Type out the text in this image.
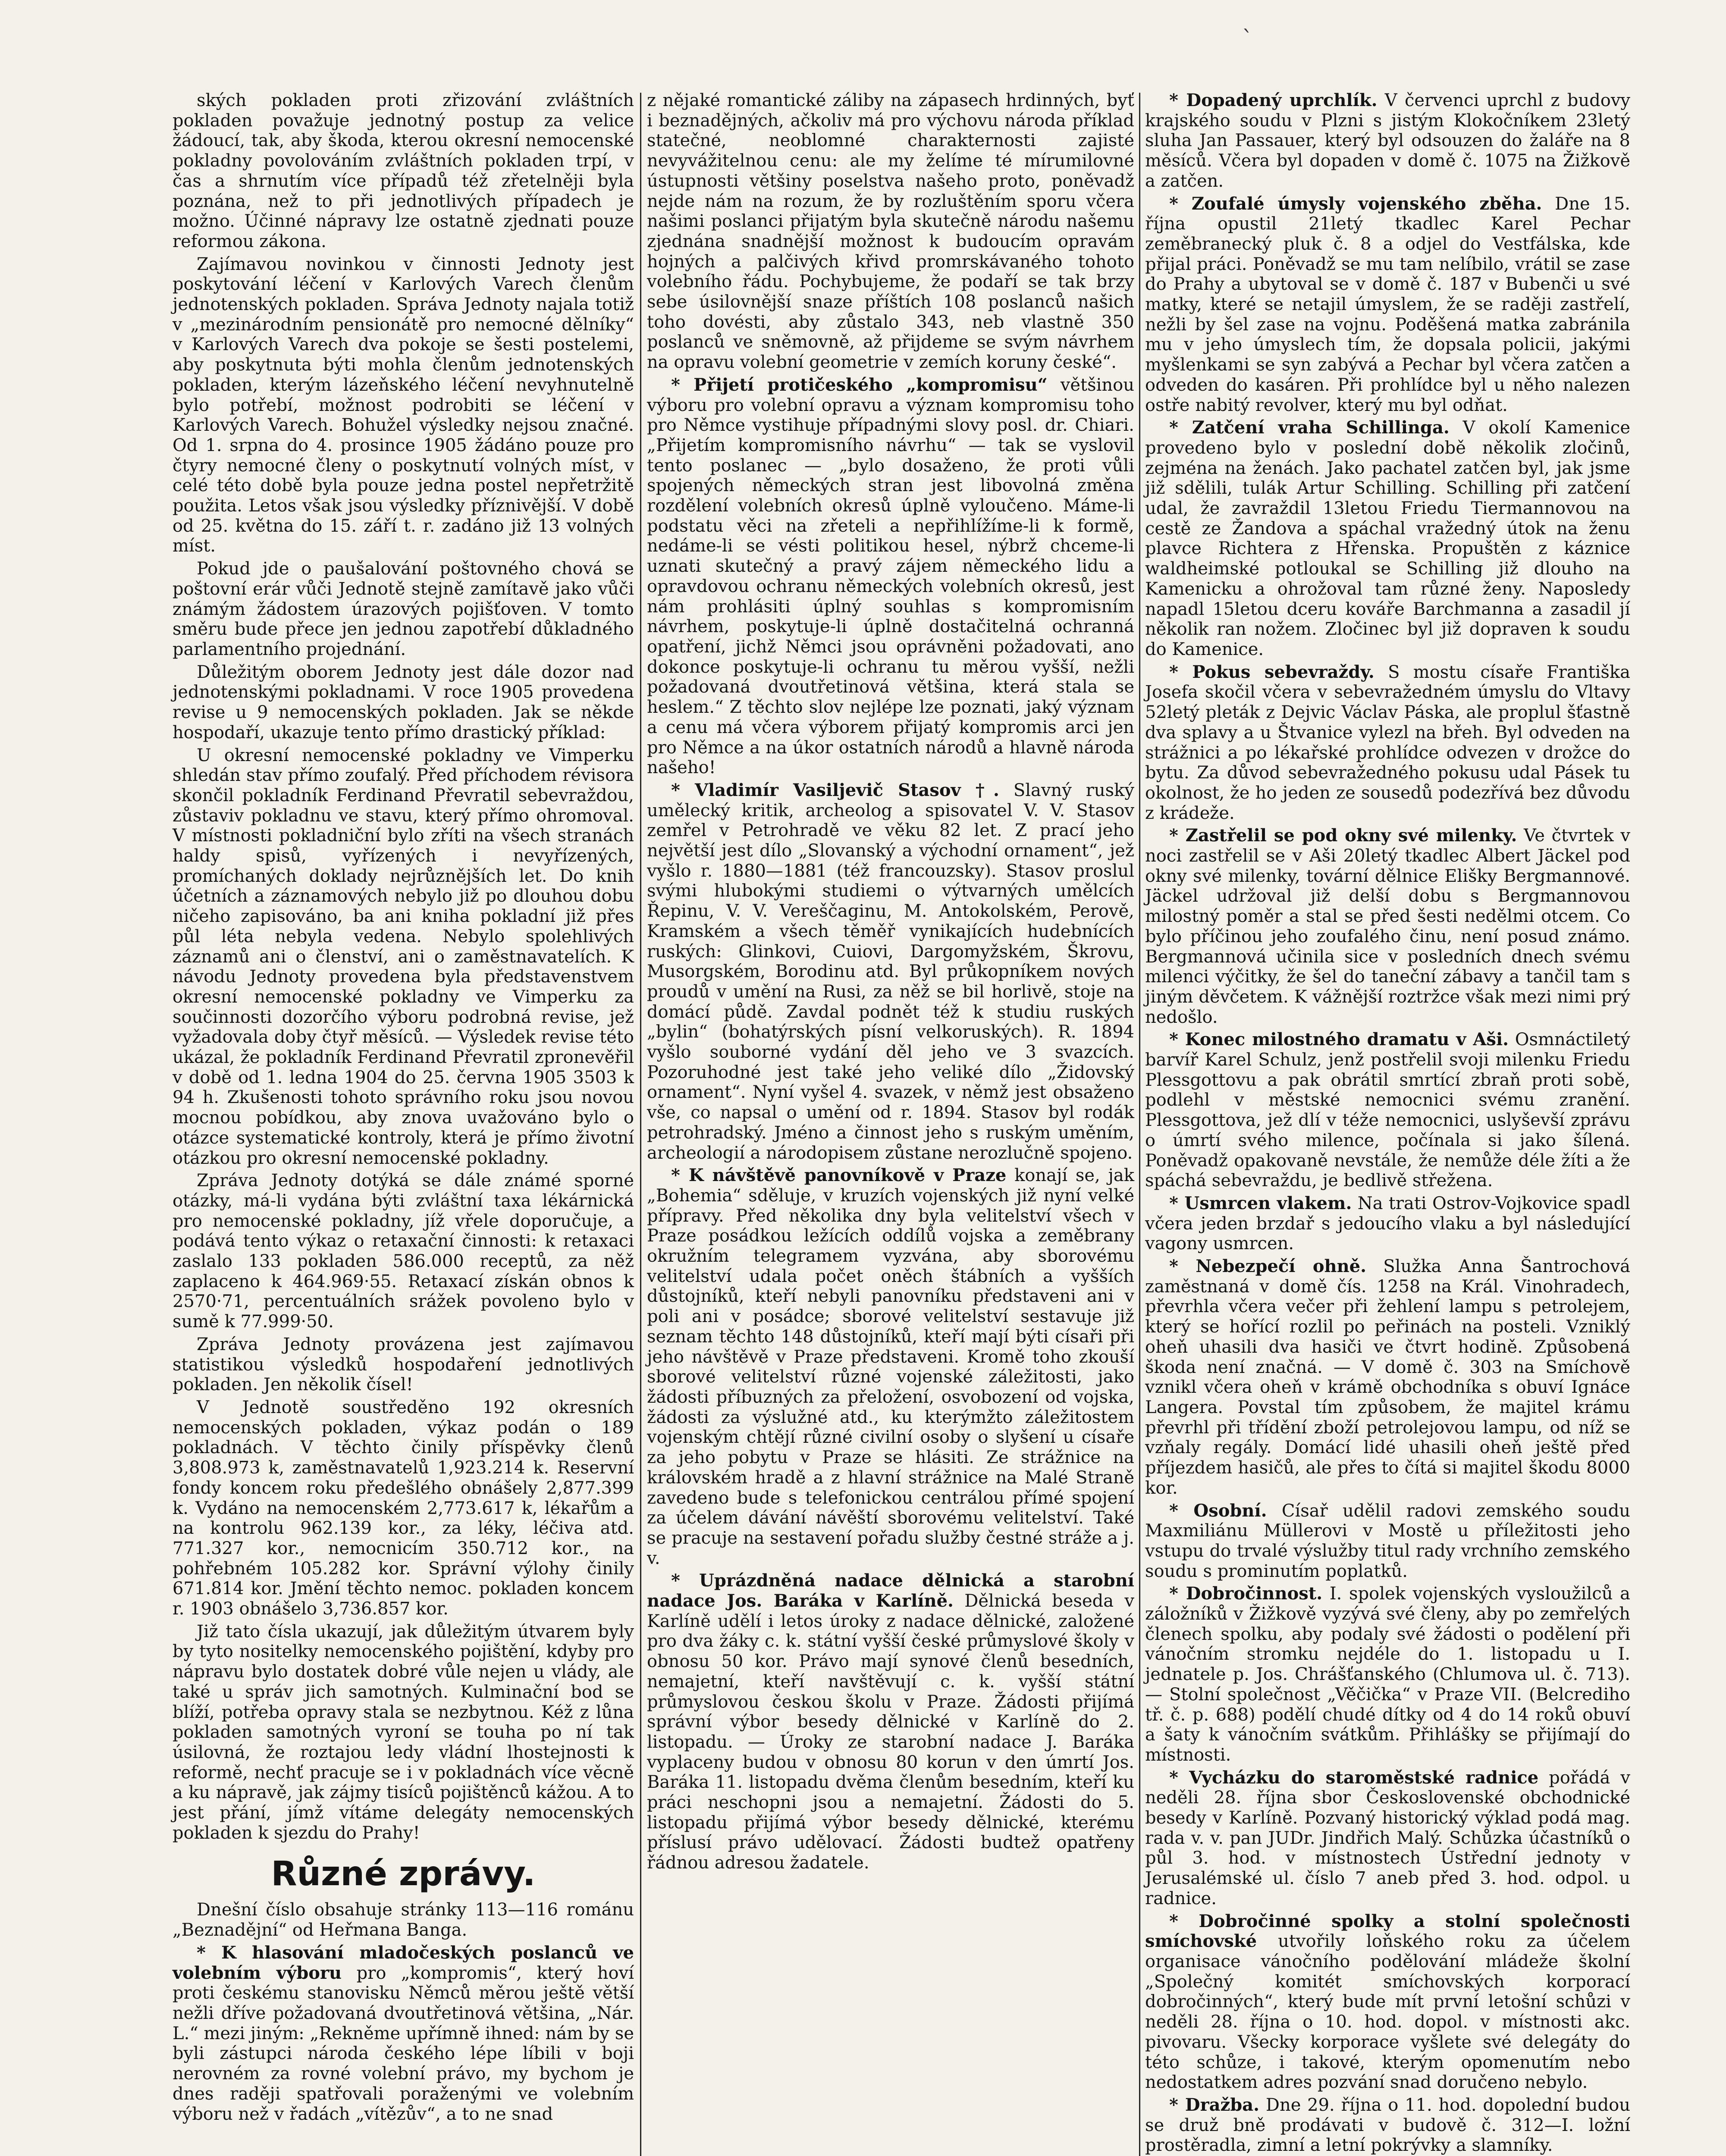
ˋ

ských pokladen proti zřizování zvláštních pokladen považuje jednotný postup za velice žádoucí, tak, aby škoda, kterou okresní nemocenské pokladny povolováním zvláštních pokladen trpí, v čas a shrnutím více případů též zřetelněji byla poznána, než to při jednotlivých případech je možno. Účinné nápravy lze ostatně zjednati pouze reformou zákona.

Zajímavou novinkou v činnosti Jednoty jest poskytování léčení v Karlových Varech členům jednotenských pokladen. Správa Jednoty najala totiž v „mezinárodním pensionátě pro nemocné dělníky“ v Karlových Varech dva pokoje se šesti postelemi, aby poskytnuta býti mohla členům jednotenských pokladen, kterým lázeňského léčení nevyhnutelně bylo potřebí, možnost podrobiti se léčení v Karlových Varech. Bohužel výsledky nejsou značné. Od 1. srpna do 4. prosince 1905 žádáno pouze pro čtyry nemocné členy o poskytnutí volných míst, v celé této době byla pouze jedna postel nepřetržitě použita. Letos však jsou výsledky příznivější. V době od 25. května do 15. září t. r. zadáno již 13 volných míst.

Pokud jde o paušalování poštovného chová se poštovní erár vůči Jednotě stejně zamítavě jako vůči známým žádostem úrazových pojišťoven. V tomto směru bude přece jen jednou zapotřebí důkladného parlamentního projednání.

Důležitým oborem Jednoty jest dále dozor nad jednotenskými pokladnami. V roce 1905 provedena revise u 9 nemocenských pokladen. Jak se někde hospodaří, ukazuje tento přímo drastický příklad:

U okresní nemocenské pokladny ve Vimperku shledán stav přímo zoufalý. Před příchodem révisora skončil pokladník Ferdinand Převratil sebevraždou, zůstaviv pokladnu ve stavu, který přímo ohromoval. V místnosti pokladniční bylo zříti na všech stranách haldy spisů, vyřízených i nevyřízených, promíchaných doklady nejrůznějších let. Do knih účetních a záznamových nebylo již po dlouhou dobu ničeho zapisováno, ba ani kniha pokladní již přes půl léta nebyla vedena. Nebylo spolehlivých záznamů ani o členství, ani o zaměstnavatelích. K návodu Jednoty provedena byla představenstvem okresní nemocenské pokladny ve Vimperku za součinnosti dozorčího výboru podrobná revise, jež vyžadovala doby čtyř měsíců. — Výsledek revise této ukázal, že pokladník Ferdinand Převratil zpronevěřil v době od 1. ledna 1904 do 25. června 1905 3503 k 94 h. Zkušenosti tohoto správního roku jsou novou mocnou pobídkou, aby znova uvažováno bylo o otázce systematické kontroly, která je přímo životní otázkou pro okresní nemocenské pokladny.

Zpráva Jednoty dotýká se dále známé sporné otázky, má-li vydána býti zvláštní taxa lékárnická pro nemocenské pokladny, jíž vřele doporučuje, a podává tento výkaz o retaxační činnosti: k retaxaci zaslalo 133 pokladen 586.000 receptů, za něž zaplaceno k 464.969·55. Retaxací získán obnos k 2570·71, percentuálních srážek povoleno bylo v sumě k 77.999·50.

Zpráva Jednoty provázena jest zajímavou statistikou výsledků hospodaření jednotlivých pokladen. Jen několik čísel!

V Jednotě soustředěno 192 okresních nemocenských pokladen, výkaz podán o 189 pokladnách. V těchto činily příspěvky členů 3,808.973 k, zaměstnavatelů 1,923.214 k. Reservní fondy koncem roku předešlého obnášely 2,877.399 k. Vydáno na nemocenském 2,773.617 k, lékařům a na kontrolu 962.139 kor., za léky, léčiva atd. 771.327 kor., nemocnicím 350.712 kor., na pohřebném 105.282 kor. Správní výlohy činily 671.814 kor. Jmění těchto nemoc. pokladen koncem r. 1903 obnášelo 3,736.857 kor.

Již tato čísla ukazují, jak důležitým útvarem byly by tyto nositelky nemocenského pojištění, kdyby pro nápravu bylo dostatek dobré vůle nejen u vlády, ale také u správ jich samotných. Kulminační bod se blíží, potřeba opravy stala se nezbytnou. Kéž z lůna pokladen samotných vyroní se touha po ní tak úsilovná, že roztajou ledy vládní lhostejnosti k reformě, nechť pracuje se i v pokladnách více věcně a ku nápravě, jak zájmy tisíců pojištěnců kážou. A to jest přání, jímž vítáme delegáty nemocenských pokladen k sjezdu do Prahy!

Různé zprávy.

Dnešní číslo obsahuje stránky 113—116 románu „Beznadějní“ od Heřmana Banga.

* K hlasování mladočeských poslanců ve volebním výboru pro „kompromis“, který hoví proti českému stanovisku Němců měrou ještě větší nežli dříve požadovaná dvoutřetinová většina, „Nár. L.“ mezi jiným: „Rekněme upřímně ihned: nám by se byli zástupci národa českého lépe líbili v boji nerovném za rovné volební právo, my bychom je dnes raději spatřovali poraženými ve volebním výboru než v řadách „vítězův“, a to ne snad

z nějaké romantické záliby na zápasech hrdinných, byť i beznadějných, ačkoliv má pro výchovu národa příklad statečné, neoblomné charakternosti zajisté nevyvážitelnou cenu: ale my želíme té mírumilovné ústupnosti většiny poselstva našeho proto, poněvadž nejde nám na rozum, že by rozluštěním sporu včera našimi poslanci přijatým byla skutečně národu našemu zjednána snadnější možnost k budoucím opravám hojných a palčivých křivd promrskávaného tohoto volebního řádu. Pochybujeme, že podaří se tak brzy sebe úsilovnější snaze příštích 108 poslanců našich toho dovésti, aby zůstalo 343, neb vlastně 350 poslanců ve sněmovně, až přijdeme se svým návrhem na opravu volební geometrie v zemích koruny české“.

* Přijetí protičeského „kompromisu“ většinou výboru pro volební opravu a význam kompromisu toho pro Němce vystihuje případnými slovy posl. dr. Chiari. „Přijetím kompromisního návrhu“ — tak se vyslovil tento poslanec — „bylo dosaženo, že proti vůli spojených německých stran jest libovolná změna rozdělení volebních okresů úplně vyloučeno. Máme-li podstatu věci na zřeteli a nepřihlížíme-li k formě, nedáme-li se vésti politikou hesel, nýbrž chceme-li uznati skutečný a pravý zájem německého lidu a opravdovou ochranu německých volebních okresů, jest nám prohlásiti úplný souhlas s kompromisním návrhem, poskytuje-li úplně dostačitelná ochranná opatření, jichž Němci jsou oprávněni požadovati, ano dokonce poskytuje-li ochranu tu měrou vyšší, nežli požadovaná dvoutřetinová většina, která stala se heslem.“ Z těchto slov nejlépe lze poznati, jaký význam a cenu má včera výborem přijatý kompromis arci jen pro Němce a na úkor ostatních národů a hlavně národa našeho!

* Vladimír Vasiljevič Stasov †. Slavný ruský umělecký kritik, archeolog a spisovatel V. V. Stasov zemřel v Petrohradě ve věku 82 let. Z prací jeho největší jest dílo „Slovanský a východní ornament“, jež vyšlo r. 1880—1881 (též francouzsky). Stasov proslul svými hlubokými studiemi o výtvarných umělcích Řepinu, V. V. Vereščaginu, M. Antokolském, Perově, Kramském a všech těměř vynikajících hudebnících ruských: Glinkovi, Cuiovi, Dargomyžském, Škrovu, Musorgském, Borodinu atd. Byl průkopníkem nových proudů v umění na Rusi, za něž se bil horlivě, stoje na domácí půdě. Zavdal podnět též k studiu ruských „bylin“ (bohatýrských písní velkoruských). R. 1894 vyšlo souborné vydání děl jeho ve 3 svazcích. Pozoruhodné jest také jeho veliké dílo „Židovský ornament“. Nyní vyšel 4. svazek, v němž jest obsaženo vše, co napsal o umění od r. 1894. Stasov byl rodák petrohradský. Jméno a činnost jeho s ruským uměním, archeologií a národopisem zůstane nerozlučně spojeno.

* K návštěvě panovníkově v Praze konají se, jak „Bohemia“ sděluje, v kruzích vojenských již nyní velké přípravy. Před několika dny byla velitelství všech v Praze posádkou ležících oddílů vojska a zeměbrany okružním telegramem vyzvána, aby sborovému velitelství udala počet oněch štábních a vyšších důstojníků, kteří nebyli panovníku představeni ani v poli ani v posádce; sborové velitelství sestavuje již seznam těchto 148 důstojníků, kteří mají býti císaři při jeho návštěvě v Praze představeni. Kromě toho zkouší sborové velitelství různé vojenské záležitosti, jako žádosti příbuzných za přeložení, osvobození od vojska, žádosti za výslužné atd., ku kterýmžto záležitostem vojenským chtějí různé civilní osoby o slyšení u císaře za jeho pobytu v Praze se hlásiti. Ze strážnice na královském hradě a z hlavní strážnice na Malé Straně zavedeno bude s telefonickou centrálou přímé spojení za účelem dávání návěští sborovému velitelství. Také se pracuje na sestavení pořadu služby čestné stráže a j. v.

* Uprázdněná nadace dělnická a starobní nadace Jos. Baráka v Karlíně. Dělnická beseda v Karlíně udělí i letos úroky z nadace dělnické, založené pro dva žáky c. k. státní vyšší české průmyslové školy v obnosu 50 kor. Právo mají synové členů besedních, nemajetní, kteří navštěvují c. k. vyšší státní průmyslovou českou školu v Praze. Žádosti přijímá správní výbor besedy dělnické v Karlíně do 2. listopadu. — Úroky ze starobní nadace J. Baráka vyplaceny budou v obnosu 80 korun v den úmrtí Jos. Baráka 11. listopadu dvěma členům besedním, kteří ku práci neschopni jsou a nemajetní. Žádosti do 5. listopadu přijímá výbor besedy dělnické, kterému příslusí právo udělovací. Žádosti budtež opatřeny řádnou adresou žadatele.

* Dopadený uprchlík. V červenci uprchl z budovy krajského soudu v Plzni s jistým Klokočníkem 23letý sluha Jan Passauer, který byl odsouzen do žaláře na 8 měsíců. Včera byl dopaden v domě č. 1075 na Žižkově a zatčen.

* Zoufalé úmysly vojenského zběha. Dne 15. října opustil 21letý tkadlec Karel Pechar zeměbranecký pluk č. 8 a odjel do Vestfálska, kde přijal práci. Poněvadž se mu tam nelíbilo, vrátil se zase do Prahy a ubytoval se v domě č. 187 v Bubenči u své matky, které se netajil úmyslem, že se raději zastřelí, nežli by šel zase na vojnu. Poděšená matka zabránila mu v jeho úmyslech tím, že dopsala policii, jakými myšlenkami se syn zabývá a Pechar byl včera zatčen a odveden do kasáren. Při prohlídce byl u něho nalezen ostře nabitý revolver, který mu byl odňat.

* Zatčení vraha Schillinga. V okolí Kamenice provedeno bylo v poslední době několik zločinů, zejména na ženách. Jako pachatel zatčen byl, jak jsme již sdělili, tulák Artur Schilling. Schilling při zatčení udal, že zavraždil 13letou Friedu Tiermannovou na cestě ze Žandova a spáchal vražedný útok na ženu plavce Richtera z Hřenska. Propuštěn z káznice waldheimské potloukal se Schilling již dlouho na Kamenicku a ohrožoval tam různé ženy. Naposledy napadl 15letou dceru kováře Barchmanna a zasadil jí několik ran nožem. Zločinec byl již dopraven k soudu do Kamenice.

* Pokus sebevraždy. S mostu císaře Františka Josefa skočil včera v sebevražedném úmyslu do Vltavy 52letý pleták z Dejvic Václav Páska, ale proplul šťastně dva splavy a u Štvanice vylezl na břeh. Byl odveden na strážnici a po lékařské prohlídce odvezen v drožce do bytu. Za důvod sebevražedného pokusu udal Pásek tu okolnost, že ho jeden ze sousedů podezřívá bez důvodu z krádeže.

* Zastřelil se pod okny své milenky. Ve čtvrtek v noci zastřelil se v Aši 20letý tkadlec Albert Jäckel pod okny své milenky, tovární dělnice Elišky Bergmannové. Jäckel udržoval již delší dobu s Bergmannovou milostný poměr a stal se před šesti nedělmi otcem. Co bylo příčinou jeho zoufalého činu, není posud známo. Bergmannová učinila sice v posledních dnech svému milenci výčitky, že šel do taneční zábavy a tančil tam s jiným děvčetem. K vážnější roztržce však mezi nimi prý nedošlo.

* Konec milostného dramatu v Aši. Osmnáctiletý barvíř Karel Schulz, jenž postřelil svoji milenku Friedu Plessgottovu a pak obrátil smrtící zbraň proti sobě, podlehl v městské nemocnici svému zranění. Plessgottova, jež dlí v téže nemocnici, uslyševší zprávu o úmrtí svého milence, počínala si jako šílená. Poněvadž opakovaně nevstále, že nemůže déle žíti a že spáchá sebevraždu, je bedlivě střežena.

* Usmrcen vlakem. Na trati Ostrov-Vojkovice spadl včera jeden brzdař s jedoucího vlaku a byl následující vagony usmrcen.

* Nebezpečí ohně. Služka Anna Šantrochová zaměstnaná v domě čís. 1258 na Král. Vinohradech, převrhla včera večer při žehlení lampu s petrolejem, který se hořící rozlil po peřinách na posteli. Vzniklý oheň uhasili dva hasiči ve čtvrt hodině. Způsobená škoda není značná. — V domě č. 303 na Smíchově vznikl včera oheň v krámě obchodníka s obuví Ignáce Langera. Povstal tím způsobem, že majitel krámu převrhl při třídění zboží petrolejovou lampu, od níž se vzňaly regály. Domácí lidé uhasili oheň ještě před příjezdem hasičů, ale přes to čítá si majitel škodu 8000 kor.

* Osobní. Císař udělil radovi zemského soudu Maxmiliánu Müllerovi v Mostě u příležitosti jeho vstupu do trvalé výslužby titul rady vrchního zemského soudu s prominutím poplatků.

* Dobročinnost. I. spolek vojenských vysloužilců a záložníků v Žižkově vyzývá své členy, aby po zemřelých členech spolku, aby podaly své žádosti o podělení při vánočním stromku nejdéle do 1. listopadu u I. jednatele p. Jos. Chrášťanského (Chlumova ul. č. 713). — Stolní společnost „Věčička“ v Praze VII. (Belcrediho tř. č. p. 688) podělí chudé dítky od 4 do 14 roků obuví a šaty k vánočním svátkům. Přihlášky se přijímají do místnosti.

* Vycházku do staroměstské radnice pořádá v neděli 28. října sbor Československé obchodnické besedy v Karlíně. Pozvaný historický výklad podá mag. rada v. v. pan JUDr. Jindřich Malý. Schůzka účastníků o půl 3. hod. v místnostech Ústřední jednoty v Jerusalémské ul. číslo 7 aneb před 3. hod. odpol. u radnice.

* Dobročinné spolky a stolní společnosti smíchovské utvořily loňského roku za účelem organisace vánočního podělování mládeže školní „Společný komitét smíchovských korporací dobročinných“, který bude mít první letošní schůzi v neděli 28. října o 10. hod. dopol. v místnosti akc. pivovaru. Všecky korporace vyšlete své delegáty do této schůze, i takové, kterým opomenutím nebo nedostatkem adres pozvání snad doručeno nebylo.

* Dražba. Dne 29. října o 11. hod. dopolední budou se druž bně prodávati v budově č. 312—I. ložní prostěradla, zimní a letní pokrývky a slamníky.
